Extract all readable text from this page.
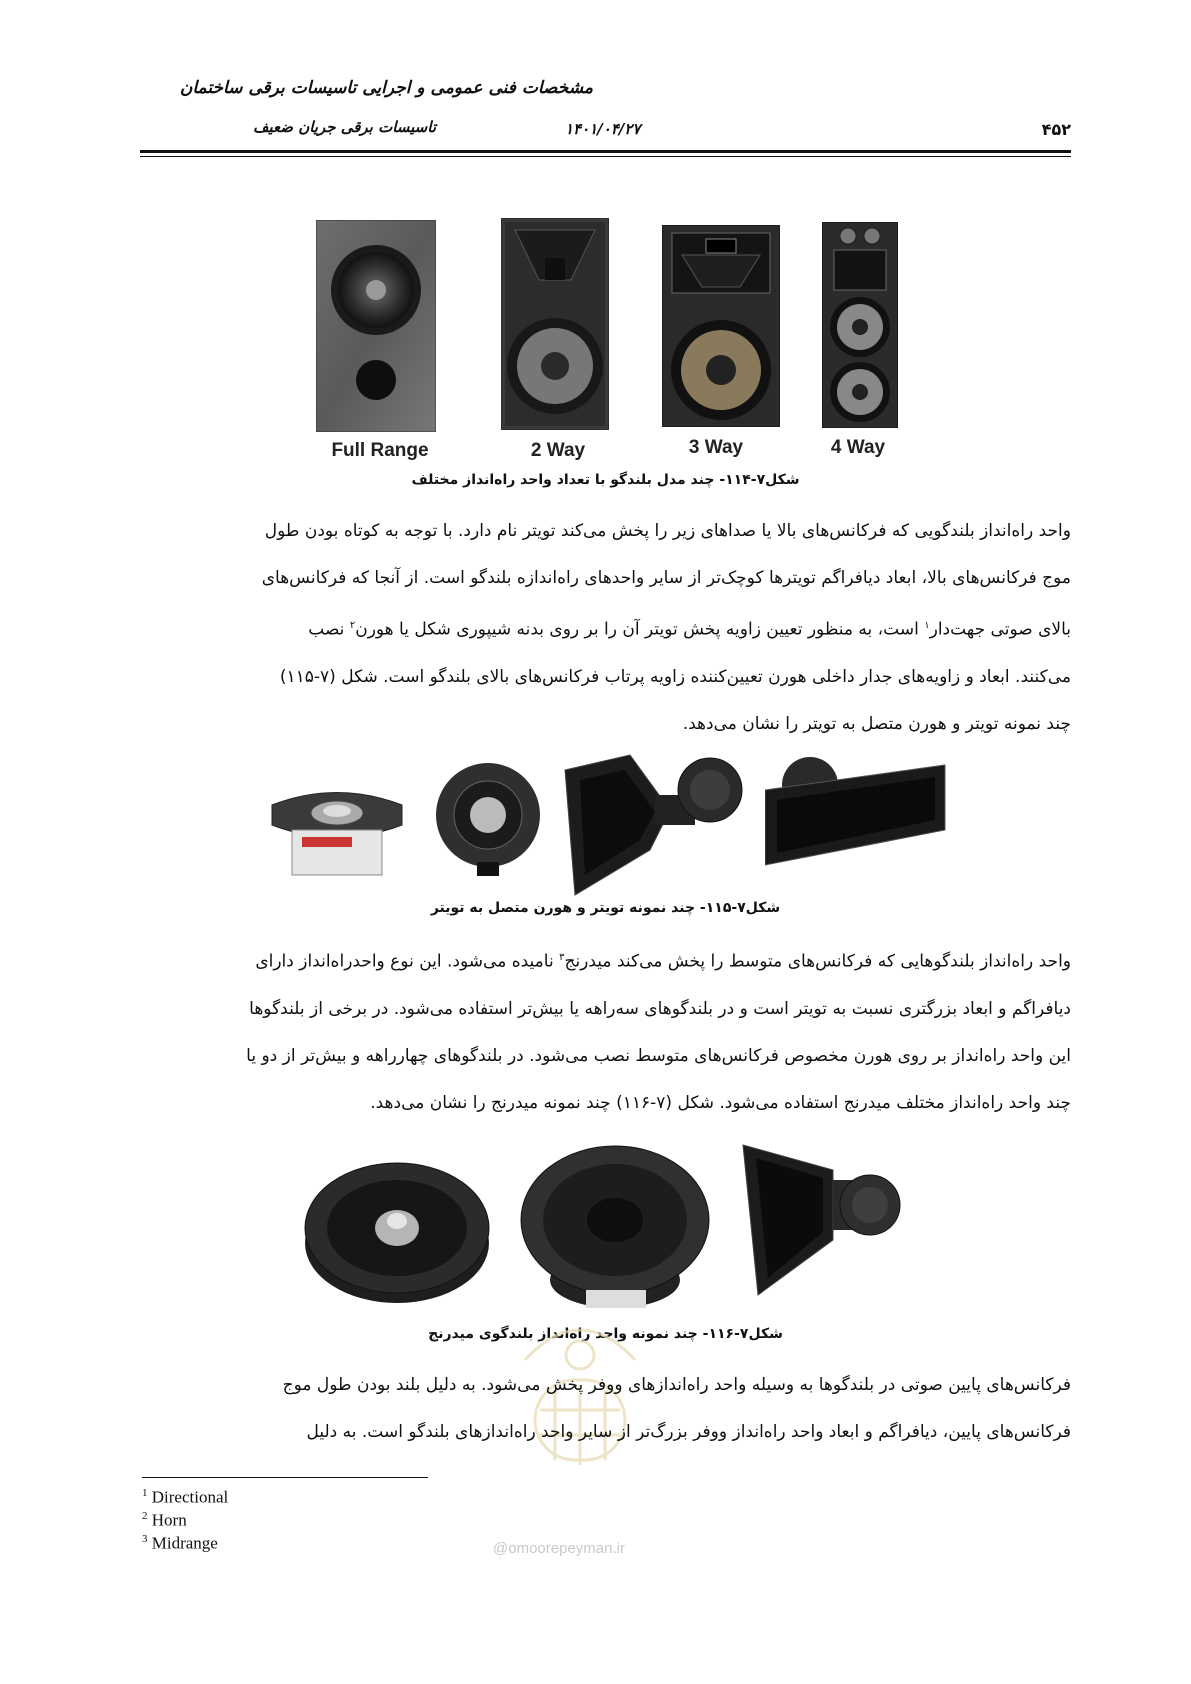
مشخصات فنی عمومی و اجرایی تاسیسات برقی ساختمان
تاسیسات برقی جریان ضعیف	۱۴۰۱/۰۴/۲۷	۴۵۲
Full Range	2 Way	3 Way	4 Way
شکل۷-۱۱۴- چند مدل بلندگو با تعداد واحد راه‌انداز مختلف

واحد راه‌انداز بلندگویی که فرکانس‌های بالا یا صداهای زیر را پخش می‌کند تویتر نام دارد. با توجه به کوتاه بودن طول

موج فرکانس‌های بالا، ابعاد دیافراگم تویترها کوچک‌تر از سایر واحدهای راه‌اندازه بلندگو است. از آنجا که فرکانس‌های

بالای صوتی جهت‌دار$^۱$ است، به منظور تعیین زاویه پخش تویتر آن را بر روی بدنه شیپوری شکل یا هورن$^۲$ نصب

می‌کنند. ابعاد و زاویه‌های جدار داخلی هورن تعیین‌کننده زاویه پرتاب فرکانس‌های بالای بلندگو است. شکل (۷-۱۱۵)

چند نمونه تویتر و هورن متصل به تویتر را نشان می‌دهد.

شکل۷-۱۱۵- چند نمونه تویتر و هورن متصل به تویتر

واحد راه‌انداز بلندگوهایی که فرکانس‌های متوسط را پخش می‌کند میدرنج$^۳$ نامیده می‌شود. این نوع واحدراه‌انداز دارای

دیافراگم و ابعاد بزرگتری نسبت به تویتر است و در بلندگوهای سه‌راهه یا بیش‌تر استفاده می‌شود. در برخی از بلندگوها

این واحد راه‌انداز بر روی هورن مخصوص فرکانس‌های متوسط نصب می‌شود. در بلندگوهای چهارراهه و بیش‌تر از دو یا

چند واحد راه‌انداز مختلف میدرنج استفاده می‌شود. شکل (۷-۱۱۶) چند نمونه میدرنج را نشان می‌دهد.

شکل۷-۱۱۶- چند نمونه واحد راه‌انداز بلندگوی میدرنج

فرکانس‌های پایین صوتی در بلندگوها به وسیله واحد راه‌اندازهای ووفر پخش می‌شود. به دلیل بلند بودن طول موج

فرکانس‌های پایین، دیافراگم و ابعاد واحد راه‌انداز ووفر بزرگ‌تر از سایر واحد راه‌اندازهای بلندگو است. به دلیل

$^1$ Directional
$^2$ Horn
$^3$ Midrange	@omoorepeyman.ir
